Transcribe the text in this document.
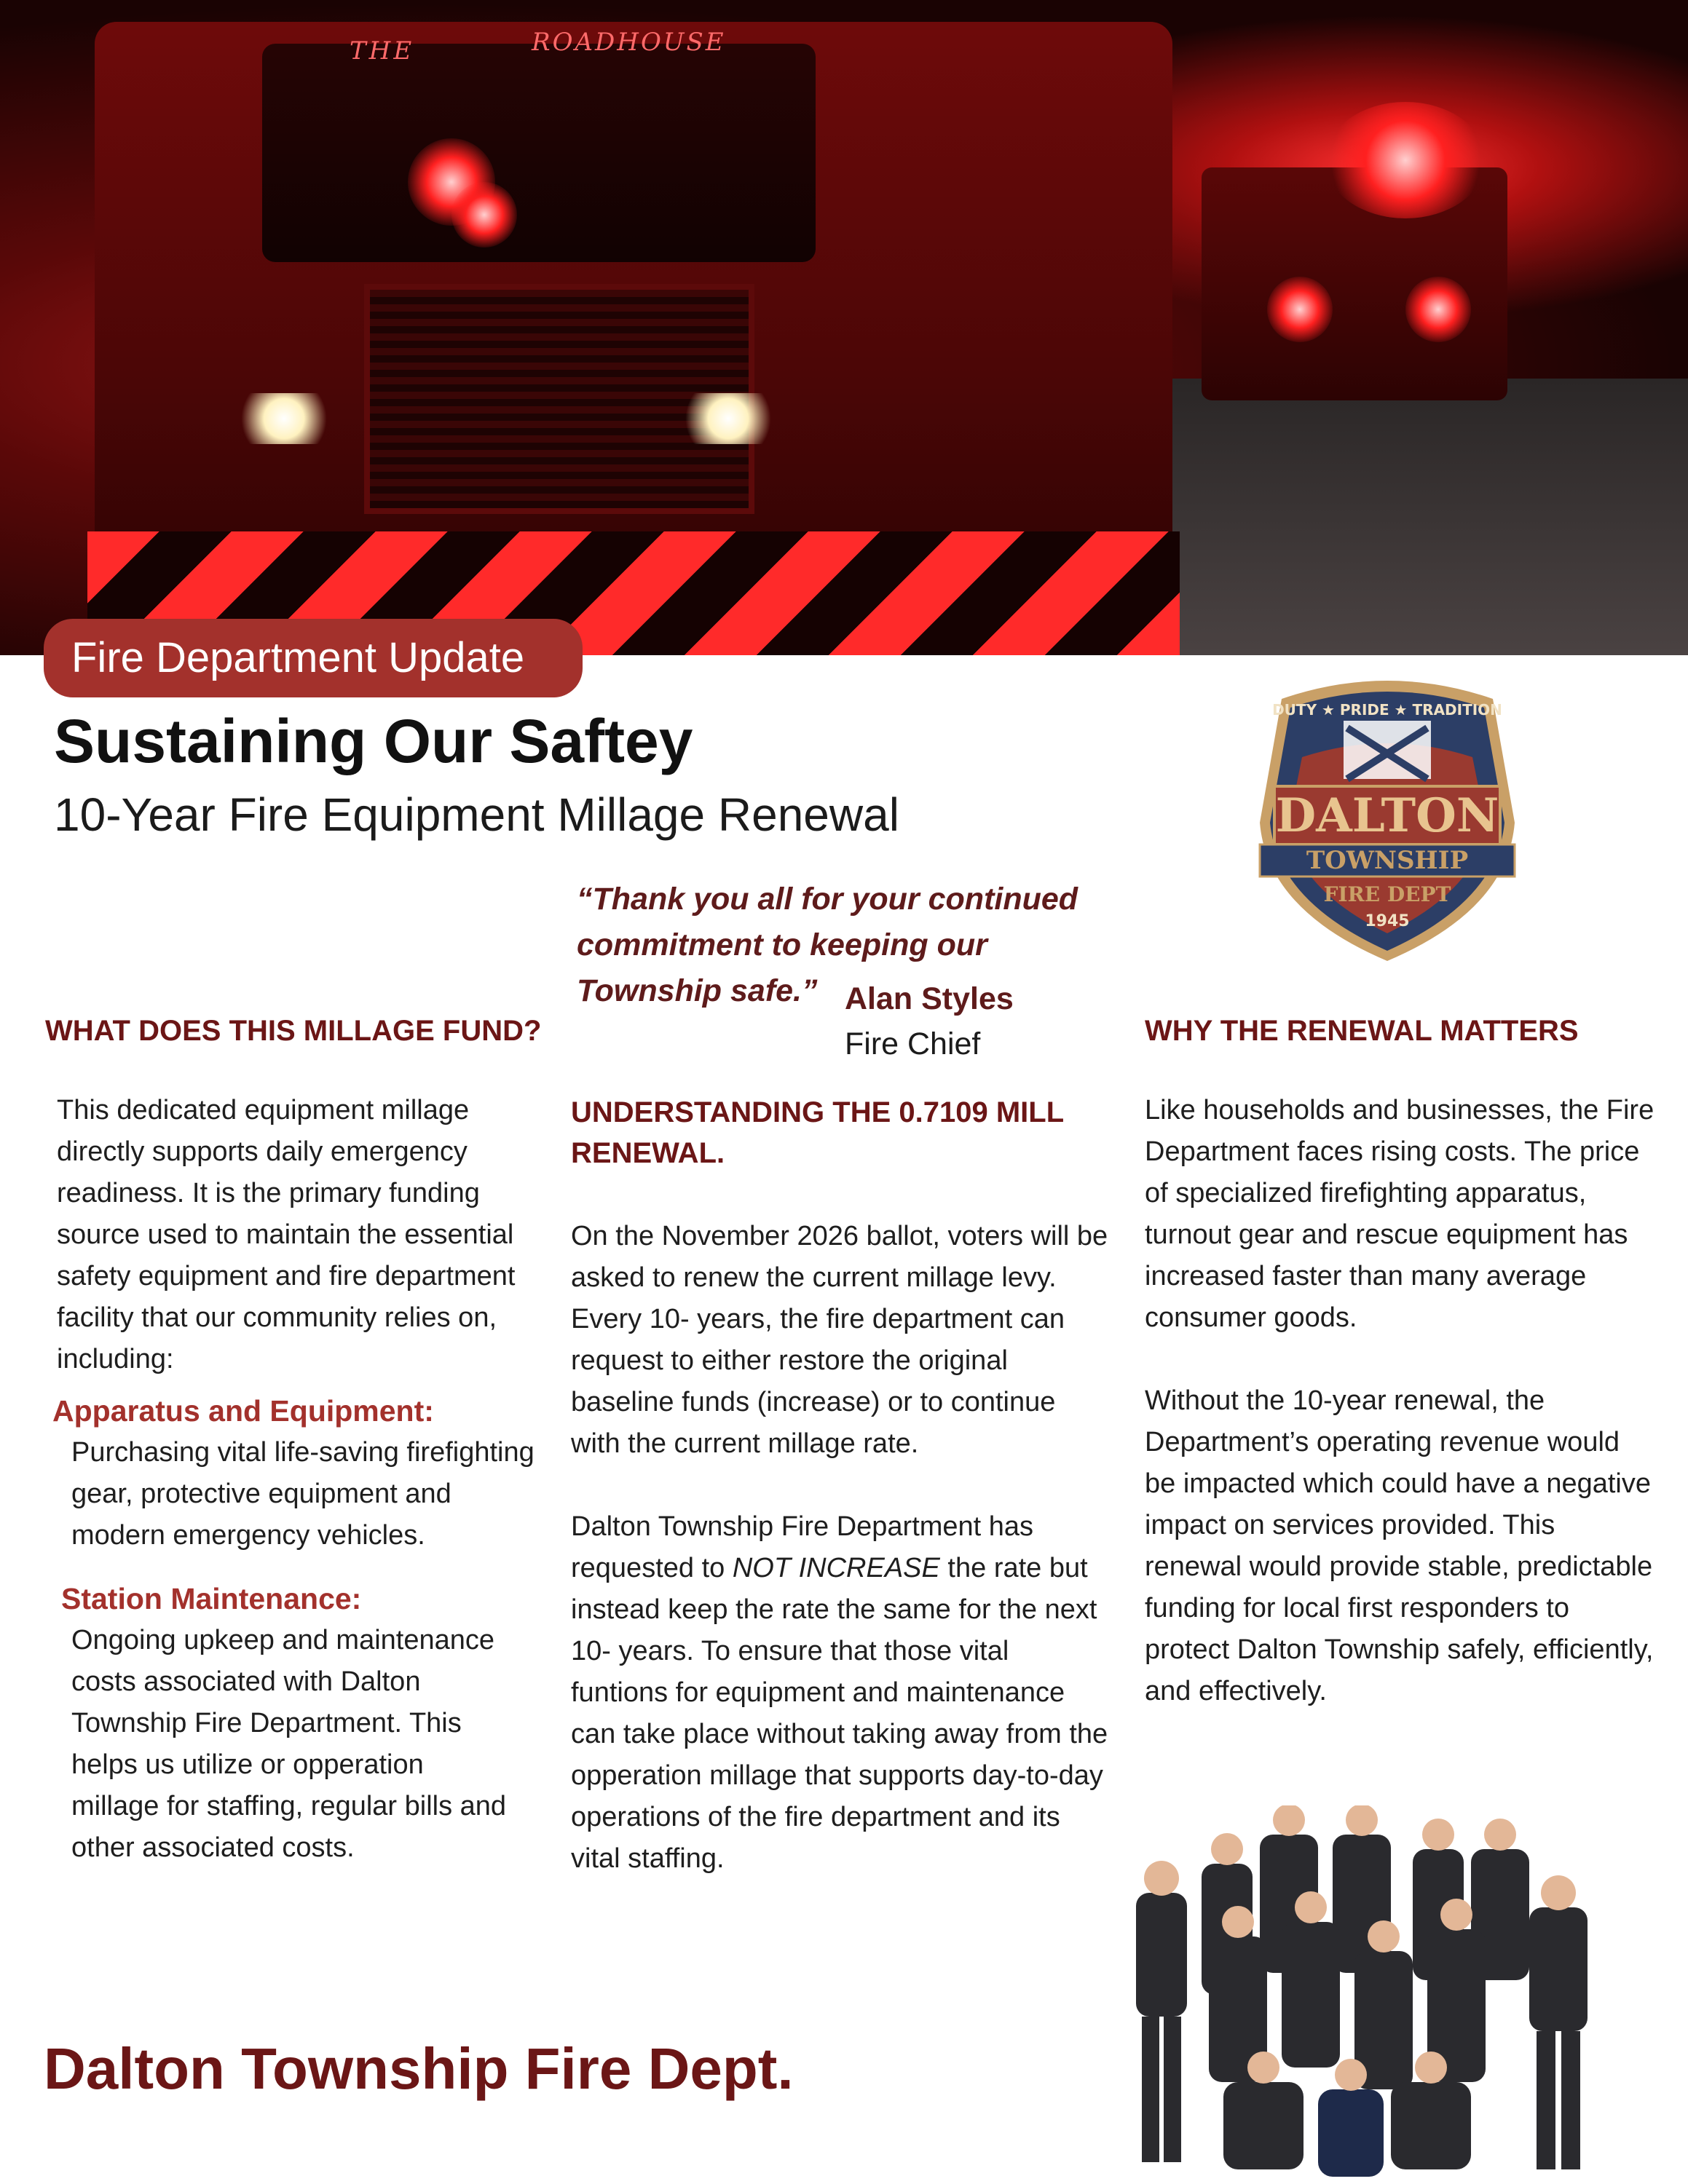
THE	ROADHOUSE
Fire Department Update
Sustaining Our Saftey
10-Year Fire Equipment Millage Renewal
DUTY ★ PRIDE ★ TRADITION
DALTON
TOWNSHIP
FIRE DEPT
1945
“Thank you all for your continued commitment to keeping our Township safe.” Alan Styles
Fire Chief
WHAT DOES THIS MILLAGE FUND?
This dedicated equipment millage directly supports daily emergency readiness. It is the primary funding source used to maintain the essential safety equipment and fire department facility that our community relies on, including:
Apparatus and Equipment:
Purchasing vital life-saving firefighting gear, protective equipment and modern emergency vehicles.
Station Maintenance:
Ongoing upkeep and maintenance costs associated with Dalton Township Fire Department. This helps us utilize or opperation millage for staffing, regular bills and other associated costs.
UNDERSTANDING THE 0.7109 MILL RENEWAL.

On the November 2026 ballot, voters will be asked to renew the current millage levy. Every 10- years, the fire department can request to either restore the original baseline funds (increase) or to continue with the current millage rate.

Dalton Township Fire Department has requested to NOT INCREASE the rate but instead keep the rate the same for the next 10- years. To ensure that those vital funtions for equipment and maintenance can take place without taking away from the opperation millage that supports day-to-day operations of the fire department and its vital staffing.

WHY THE RENEWAL MATTERS

Like households and businesses, the Fire Department faces rising costs. The price of specialized firefighting apparatus, turnout gear and rescue equipment has increased faster than many average consumer goods.

Without the 10-year renewal, the Department’s operating revenue would be impacted which could have a negative impact on services provided. This renewal would provide stable, predictable funding for local first responders to protect Dalton Township safely, efficiently, and effectively.

Dalton Township Fire Dept.
